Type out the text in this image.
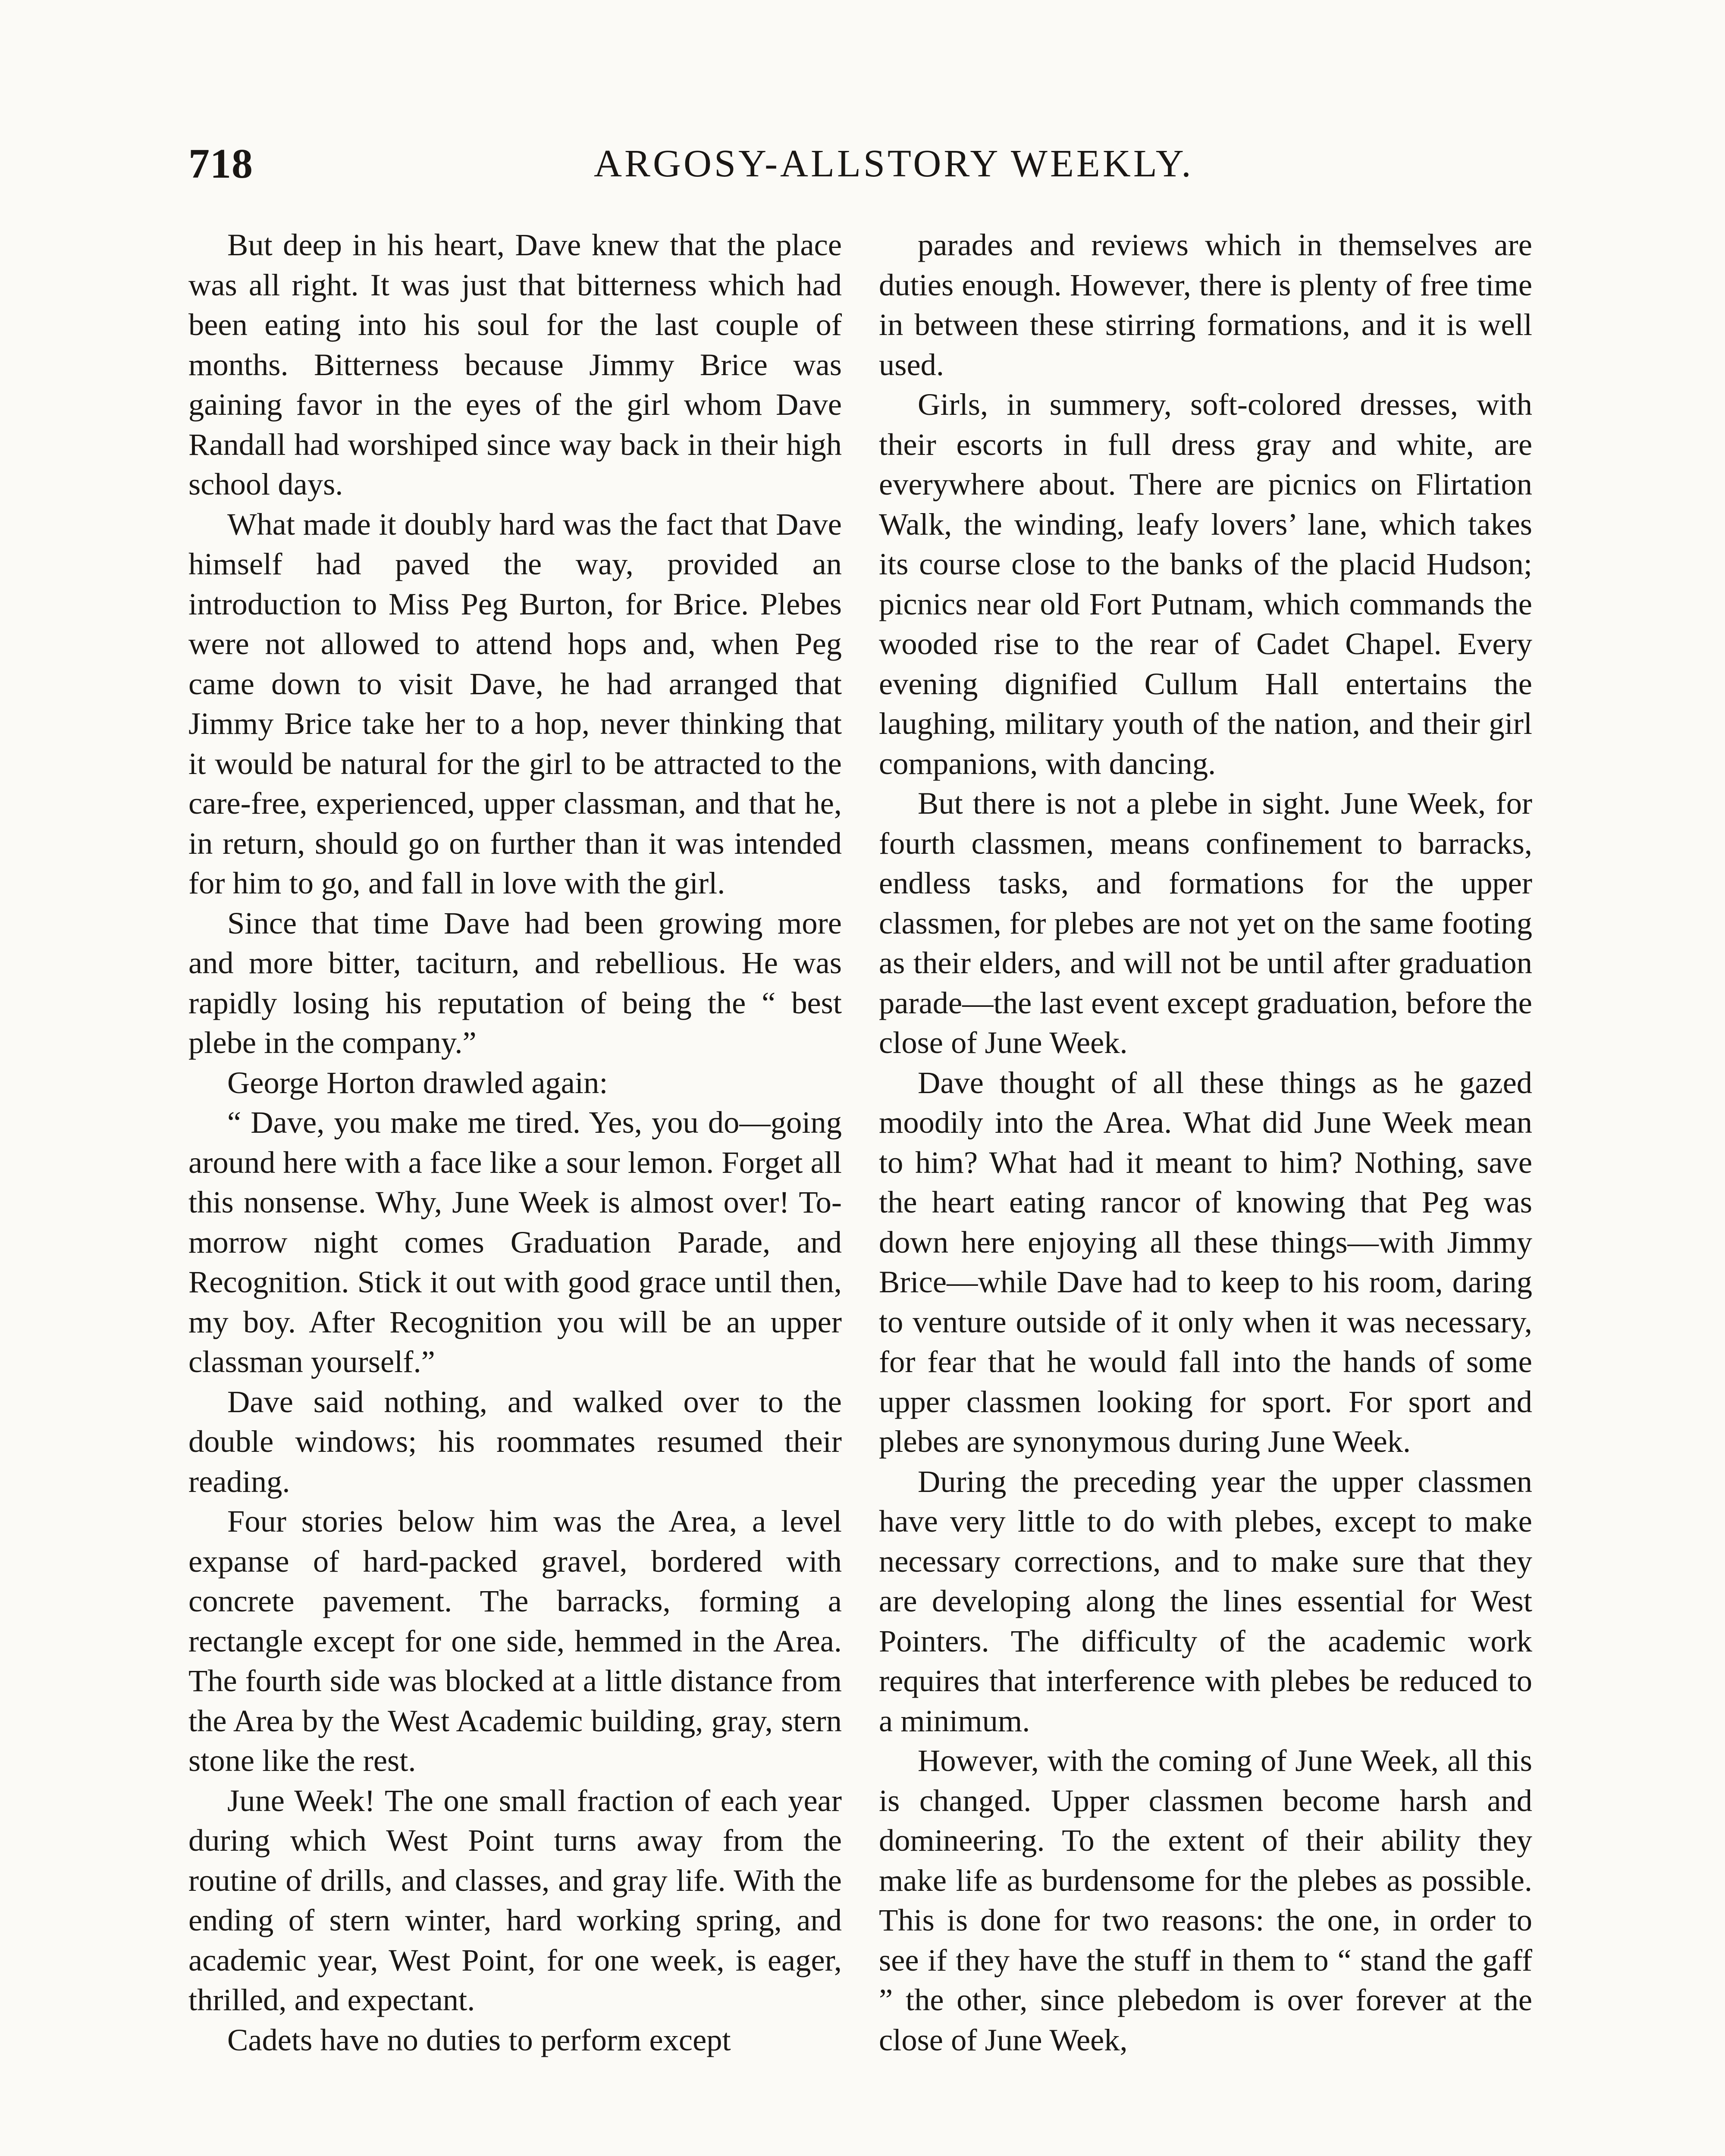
718	ARGOSY-ALLSTORY WEEKLY.

But deep in his heart, Dave knew that the place was all right. It was just that bitterness which had been eating into his soul for the last couple of months. Bitterness because Jimmy Brice was gaining favor in the eyes of the girl whom Dave Randall had worshiped since way back in their high school days.

What made it doubly hard was the fact that Dave himself had paved the way, provided an introduction to Miss Peg Burton, for Brice. Plebes were not allowed to attend hops and, when Peg came down to visit Dave, he had arranged that Jimmy Brice take her to a hop, never thinking that it would be natural for the girl to be attracted to the care-free, experienced, upper classman, and that he, in return, should go on further than it was intended for him to go, and fall in love with the girl.

Since that time Dave had been growing more and more bitter, taciturn, and rebellious. He was rapidly losing his reputation of being the “ best plebe in the company.”

George Horton drawled again:

“ Dave, you make me tired. Yes, you do—going around here with a face like a sour lemon. Forget all this nonsense. Why, June Week is almost over! To-morrow night comes Graduation Parade, and Recognition. Stick it out with good grace until then, my boy. After Recognition you will be an upper classman yourself.”

Dave said nothing, and walked over to the double windows; his roommates resumed their reading.

Four stories below him was the Area, a level expanse of hard-packed gravel, bordered with concrete pavement. The barracks, forming a rectangle except for one side, hemmed in the Area. The fourth side was blocked at a little distance from the Area by the West Academic building, gray, stern stone like the rest.

June Week! The one small fraction of each year during which West Point turns away from the routine of drills, and classes, and gray life. With the ending of stern winter, hard working spring, and academic year, West Point, for one week, is eager, thrilled, and expectant.

Cadets have no duties to perform except

parades and reviews which in themselves are duties enough. However, there is plenty of free time in between these stirring formations, and it is well used.

Girls, in summery, soft-colored dresses, with their escorts in full dress gray and white, are everywhere about. There are picnics on Flirtation Walk, the winding, leafy lovers’ lane, which takes its course close to the banks of the placid Hudson; picnics near old Fort Putnam, which commands the wooded rise to the rear of Cadet Chapel. Every evening dignified Cullum Hall entertains the laughing, military youth of the nation, and their girl companions, with dancing.

But there is not a plebe in sight. June Week, for fourth classmen, means confinement to barracks, endless tasks, and formations for the upper classmen, for plebes are not yet on the same footing as their elders, and will not be until after graduation parade—the last event except graduation, before the close of June Week.

Dave thought of all these things as he gazed moodily into the Area. What did June Week mean to him? What had it meant to him? Nothing, save the heart eating rancor of knowing that Peg was down here enjoying all these things—with Jimmy Brice—while Dave had to keep to his room, daring to venture outside of it only when it was necessary, for fear that he would fall into the hands of some upper classmen looking for sport. For sport and plebes are synonymous during June Week.

During the preceding year the upper classmen have very little to do with plebes, except to make necessary corrections, and to make sure that they are developing along the lines essential for West Pointers. The difficulty of the academic work requires that interference with plebes be reduced to a minimum.

However, with the coming of June Week, all this is changed. Upper classmen become harsh and domineering. To the extent of their ability they make life as burdensome for the plebes as possible. This is done for two reasons: the one, in order to see if they have the stuff in them to “ stand the gaff ” the other, since plebedom is over forever at the close of June Week,
